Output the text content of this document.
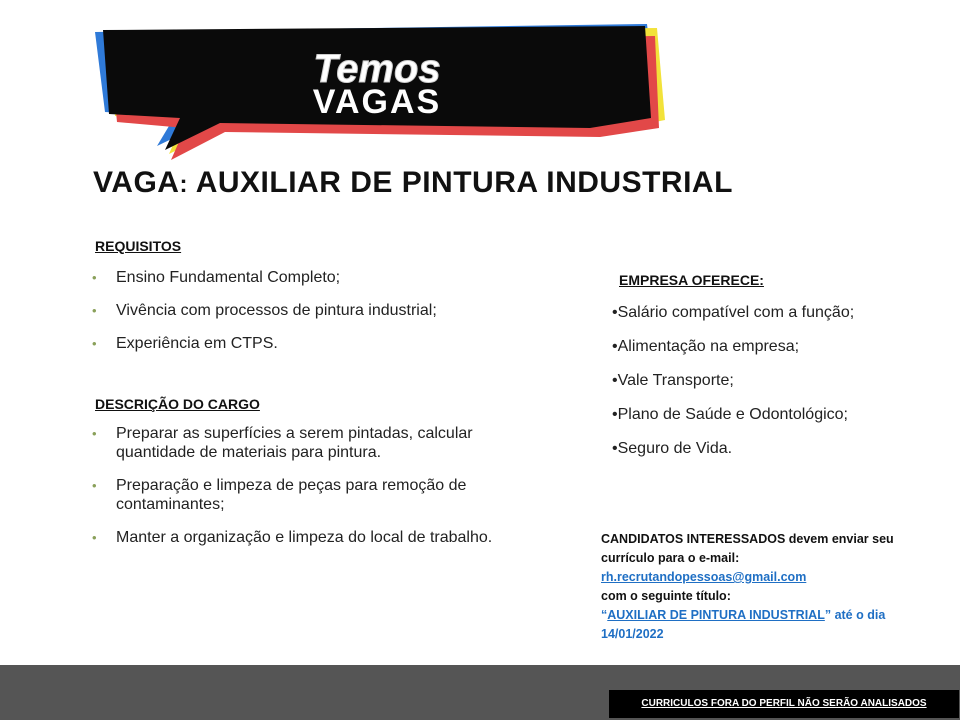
Temos
VAGAS
VAGA: AUXILIAR DE PINTURA INDUSTRIAL
REQUISITOS
• Ensino Fundamental Completo;
• Vivência com processos de pintura industrial;
• Experiência em CTPS.
DESCRIÇÃO DO CARGO
• Preparar as superfícies a serem pintadas, calcular quantidade de materiais para pintura.
• Preparação e limpeza de peças para remoção de contaminantes;
• Manter a organização e limpeza do local de trabalho.
EMPRESA OFERECE:
•Salário compatível com a função;
•Alimentação na empresa;
•Vale Transporte;
•Plano de Saúde e Odontológico;
•Seguro de Vida.
CANDIDATOS INTERESSADOS devem enviar seu currículo para o e-mail:
rh.recrutandopessoas@gmail.com
com o seguinte título:
“AUXILIAR DE PINTURA INDUSTRIAL” até o dia
14/01/2022
CURRICULOS FORA DO PERFIL NÃO SERÃO ANALISADOS
